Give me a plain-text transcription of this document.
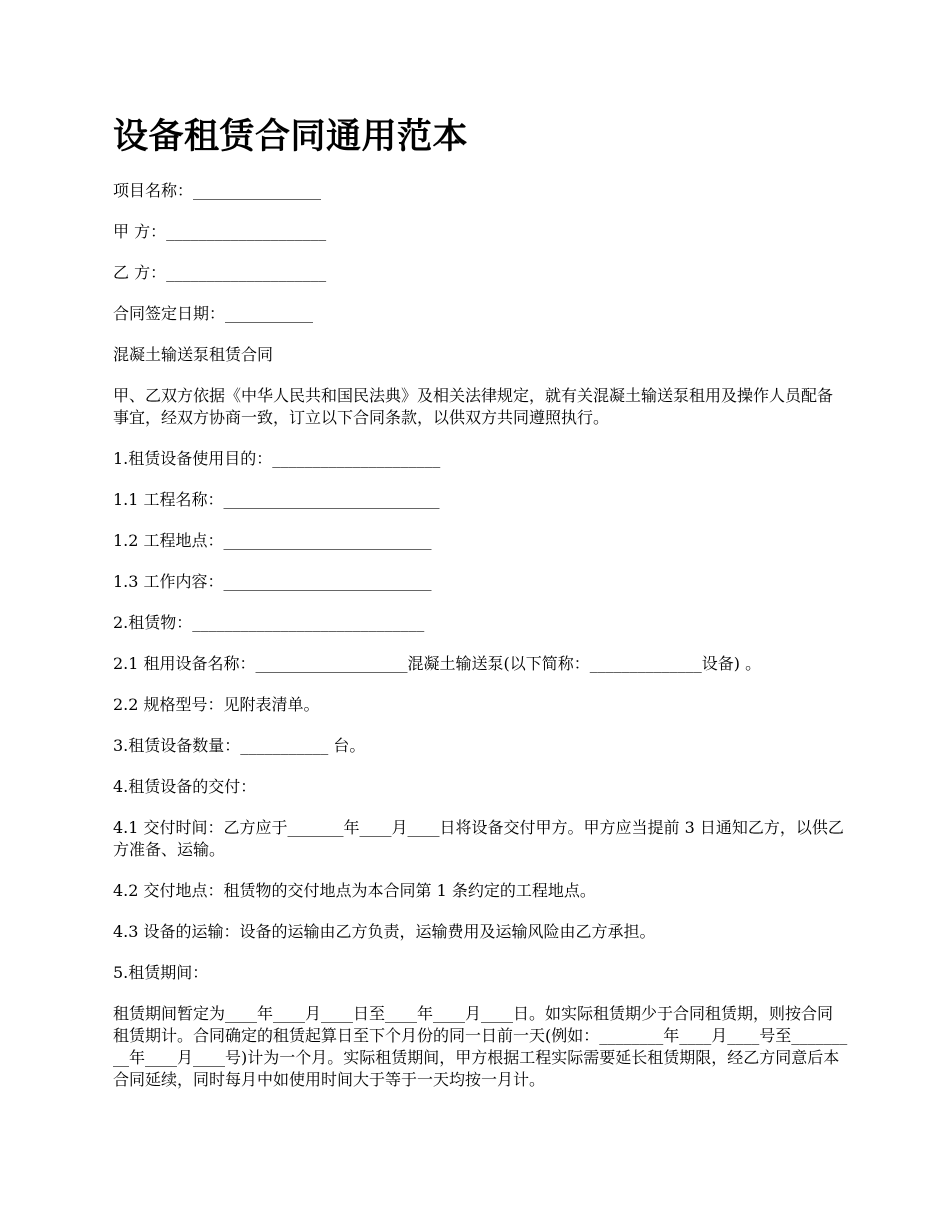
设备租赁合同通用范本

项目名称：________________

甲 方：____________________

乙 方：____________________

合同签定日期：___________

混凝土输送泵租赁合同

甲、乙双方依据《中华人民共和国民法典》及相关法律规定，就有关混凝土输送泵租用及操作人员配备事宜，经双方协商一致，订立以下合同条款，以供双方共同遵照执行。

1.租赁设备使用目的：_____________________

1.1 工程名称：___________________________

1.2 工程地点：__________________________

1.3 工作内容：__________________________

2.租赁物：_____________________________

2.1 租用设备名称：___________________混凝土输送泵(以下简称：______________设备) 。

2.2 规格型号：见附表清单。

3.租赁设备数量：___________ 台。

4.租赁设备的交付：

4.1 交付时间：乙方应于_______年____月____日将设备交付甲方。甲方应当提前 3 日通知乙方，以供乙方准备、运输。

4.2 交付地点：租赁物的交付地点为本合同第 1 条约定的工程地点。

4.3 设备的运输：设备的运输由乙方负责，运输费用及运输风险由乙方承担。

5.租赁期间：

租赁期间暂定为____年____月____日至____年____月____日。如实际租赁期少于合同租赁期，则按合同租赁期计。合同确定的租赁起算日至下个月份的同一日前一天(例如：________年____月____号至_________年____月____号)计为一个月。实际租赁期间，甲方根据工程实际需要延长租赁期限，经乙方同意后本合同延续，同时每月中如使用时间大于等于一天均按一月计。
